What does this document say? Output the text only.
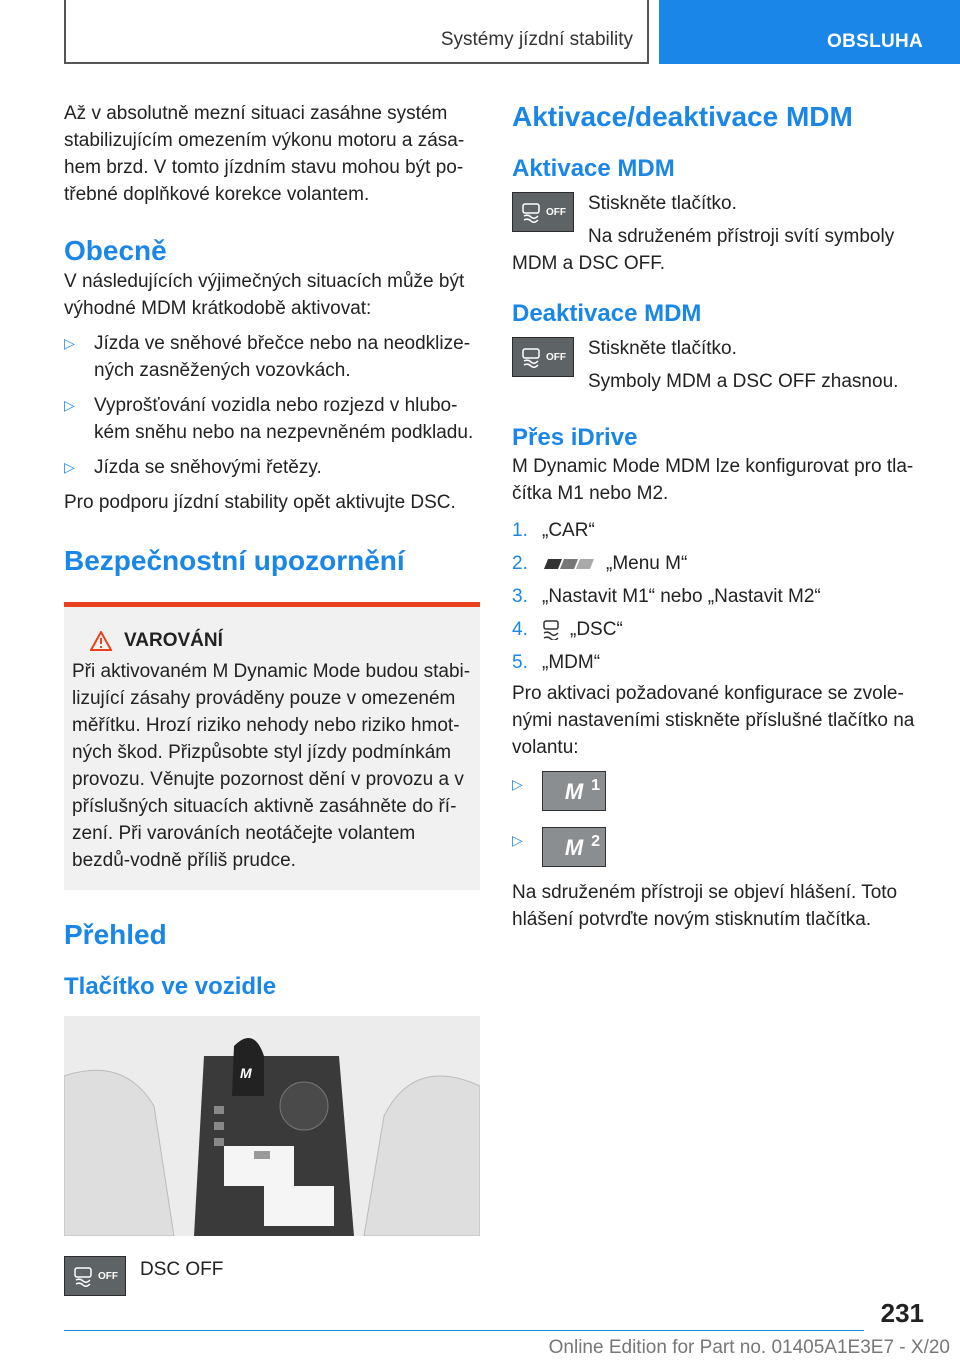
Systémy jízdní stability	OBSLUHA

Až v absolutně mezní situaci zasáhne systém stabilizujícím omezením výkonu motoru a zása-hem brzd. V tomto jízdním stavu mohou být po-třebné doplňkové korekce volantem.

Obecně

V následujících výjimečných situacích může být výhodné MDM krátkodobě aktivovat:

▷	Jízda ve sněhové břečce nebo na neodklize-ných zasněžených vozovkách.
▷	Vyprošťování vozidla nebo rozjezd v hlubo-kém sněhu nebo na nezpevněném podkladu.
▷	Jízda se sněhovými řetězy.

Pro podporu jízdní stability opět aktivujte DSC.

Bezpečnostní upozornění
VAROVÁNÍ

Při aktivovaném M Dynamic Mode budou stabi-lizující zásahy prováděny pouze v omezeném měřítku. Hrozí riziko nehody nebo riziko hmot-ných škod. Přizpůsobte styl jízdy podmínkám provozu. Věnujte pozornost dění v provozu a v příslušných situacích aktivně zasáhněte do ří-zení. Při varováních neotáčejte volantem bezdů-vodně příliš prudce.

Přehled
Tlačítko ve vozidle
M
OFF DSC OFF
Aktivace/deaktivace MDM
Aktivace MDM
OFF	Stiskněte tlačítko.

Na sdruženém přístroji svítí symboly MDM a DSC OFF.

Deaktivace MDM
OFF	Stiskněte tlačítko.

Symboly MDM a DSC OFF zhasnou.

Přes iDrive

M Dynamic Mode MDM lze konfigurovat pro tla-čítka M1 nebo M2.

1. „CAR“
2.	„Menu M“
3. „Nastavit M1“ nebo „Nastavit M2“
4.	„DSC“
5. „MDM“

Pro aktivaci požadované konfigurace se zvole-nými nastaveními stiskněte příslušné tlačítko na volantu:

▷	M 1
▷	M 2

Na sdruženém přístroji se objeví hlášení. Toto hlášení potvrďte novým stisknutím tlačítka.

231
Online Edition for Part no. 01405A1E3E7 - X/20
